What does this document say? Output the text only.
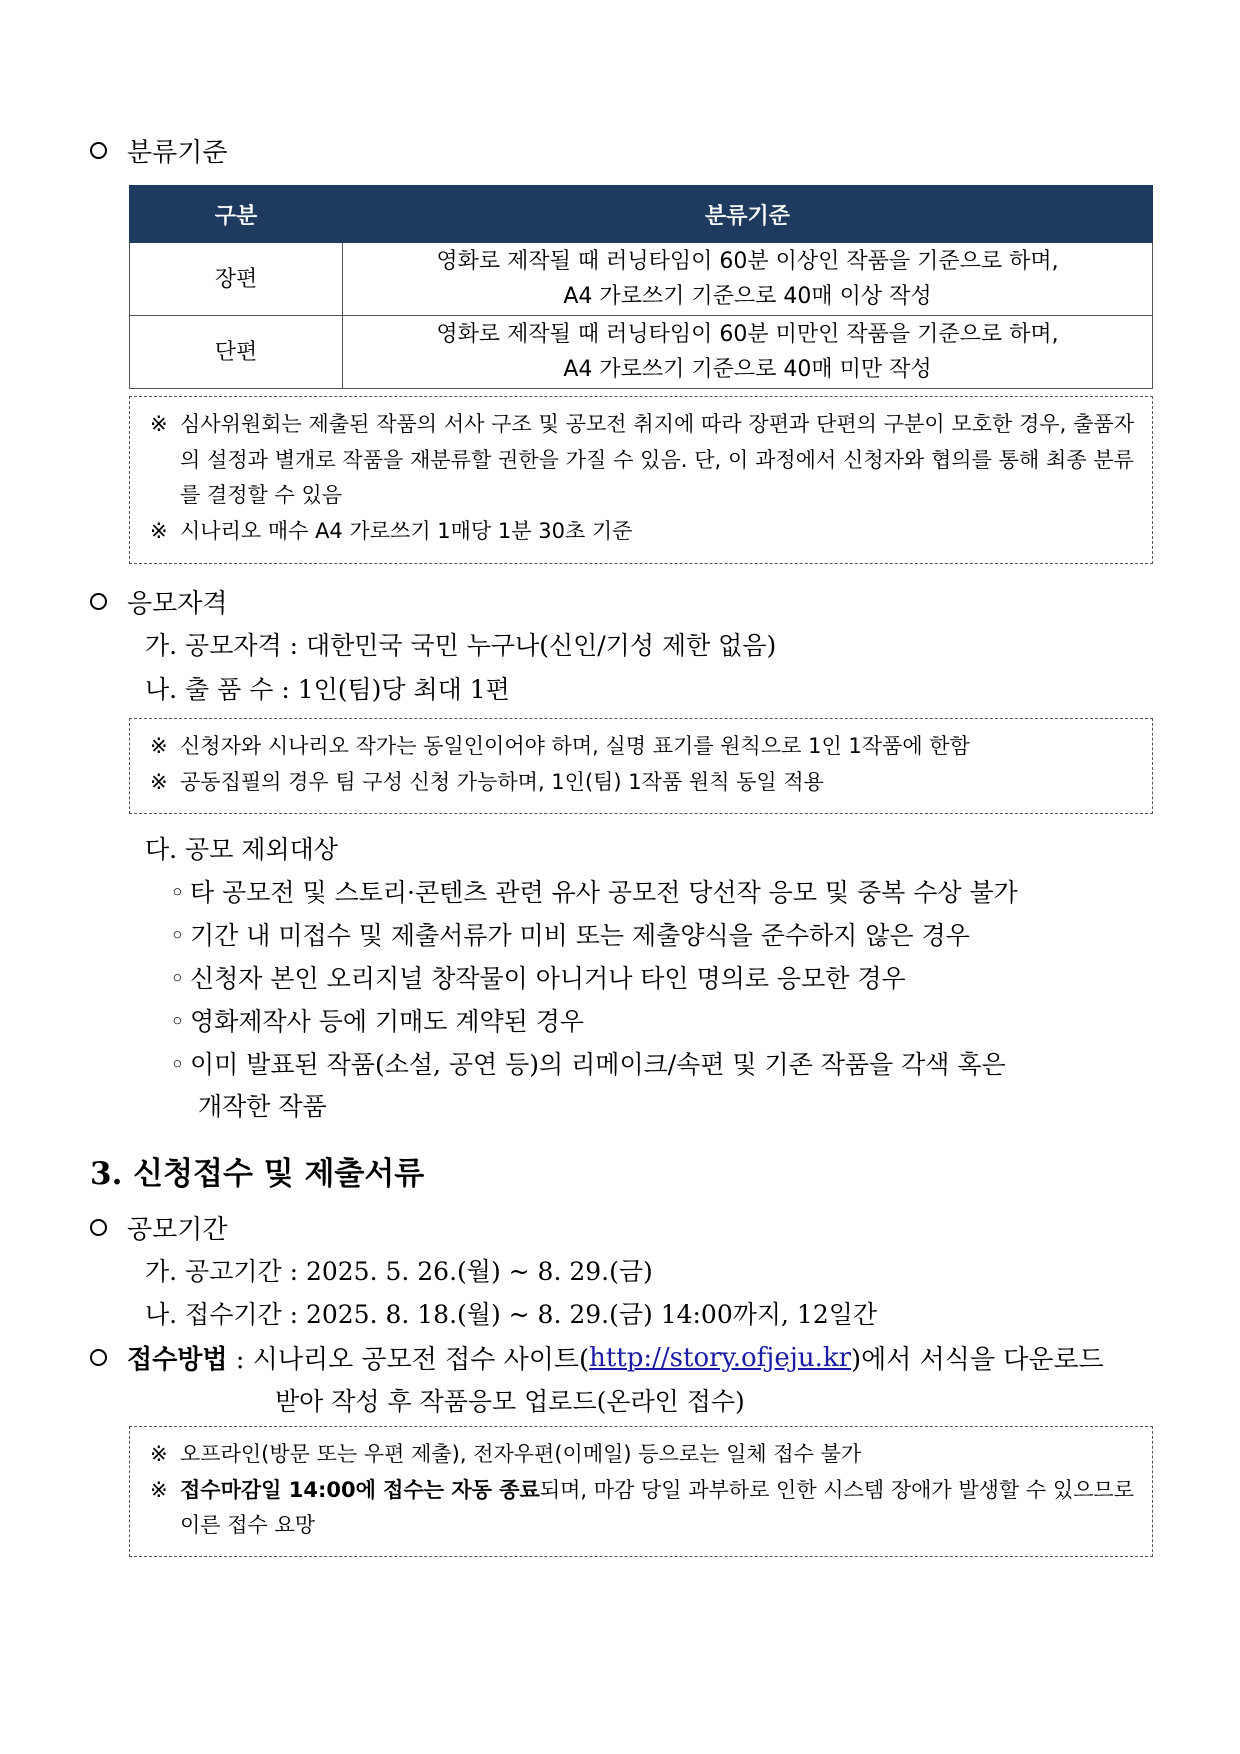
분류기준
구분	분류기준
장편	영화로 제작될 때 러닝타임이 60분 이상인 작품을 기준으로 하며,
A4 가로쓰기 기준으로 40매 이상 작성

단편	영화로 제작될 때 러닝타임이 60분 미만인 작품을 기준으로 하며,
A4 가로쓰기 기준으로 40매 미만 작성
※ 심사위원회는 제출된 작품의 서사 구조 및 공모전 취지에 따라 장편과 단편의 구분이 모호한 경우, 출품자의 설정과 별개로 작품을 재분류할 권한을 가질 수 있음. 단, 이 과정에서 신청자와 협의를 통해 최종 분류를 결정할 수 있음
※ 시나리오 매수 A4 가로쓰기 1매당 1분 30초 기준
응모자격
가. 공모자격 : 대한민국 국민 누구나(신인/기성 제한 없음)
나. 출 품 수 : 1인(팀)당 최대 1편
※ 신청자와 시나리오 작가는 동일인이어야 하며, 실명 표기를 원칙으로 1인 1작품에 한함
※ 공동집필의 경우 팀 구성 신청 가능하며, 1인(팀) 1작품 원칙 동일 적용
다. 공모 제외대상
◦ 타 공모전 및 스토리·콘텐츠 관련 유사 공모전 당선작 응모 및 중복 수상 불가
◦ 기간 내 미접수 및 제출서류가 미비 또는 제출양식을 준수하지 않은 경우
◦ 신청자 본인 오리지널 창작물이 아니거나 타인 명의로 응모한 경우
◦ 영화제작사 등에 기매도 계약된 경우
◦ 이미 발표된 작품(소설, 공연 등)의 리메이크/속편 및 기존 작품을 각색 혹은
개작한 작품
3. 신청접수 및 제출서류
공모기간
가. 공고기간 : 2025. 5. 26.(월) ~ 8. 29.(금)
나. 접수기간 : 2025. 8. 18.(월) ~ 8. 29.(금) 14:00까지, 12일간
접수방법 : 시나리오 공모전 접수 사이트( http://story.ofjeju.kr )에서 서식을 다운로드
받아 작성 후 작품응모 업로드(온라인 접수)
※ 오프라인(방문 또는 우편 제출), 전자우편(이메일) 등으로는 일체 접수 불가
※ 접수마감일 14:00에 접수는 자동 종료되며, 마감 당일 과부하로 인한 시스템 장애가 발생할 수 있으므로 이른 접수 요망
